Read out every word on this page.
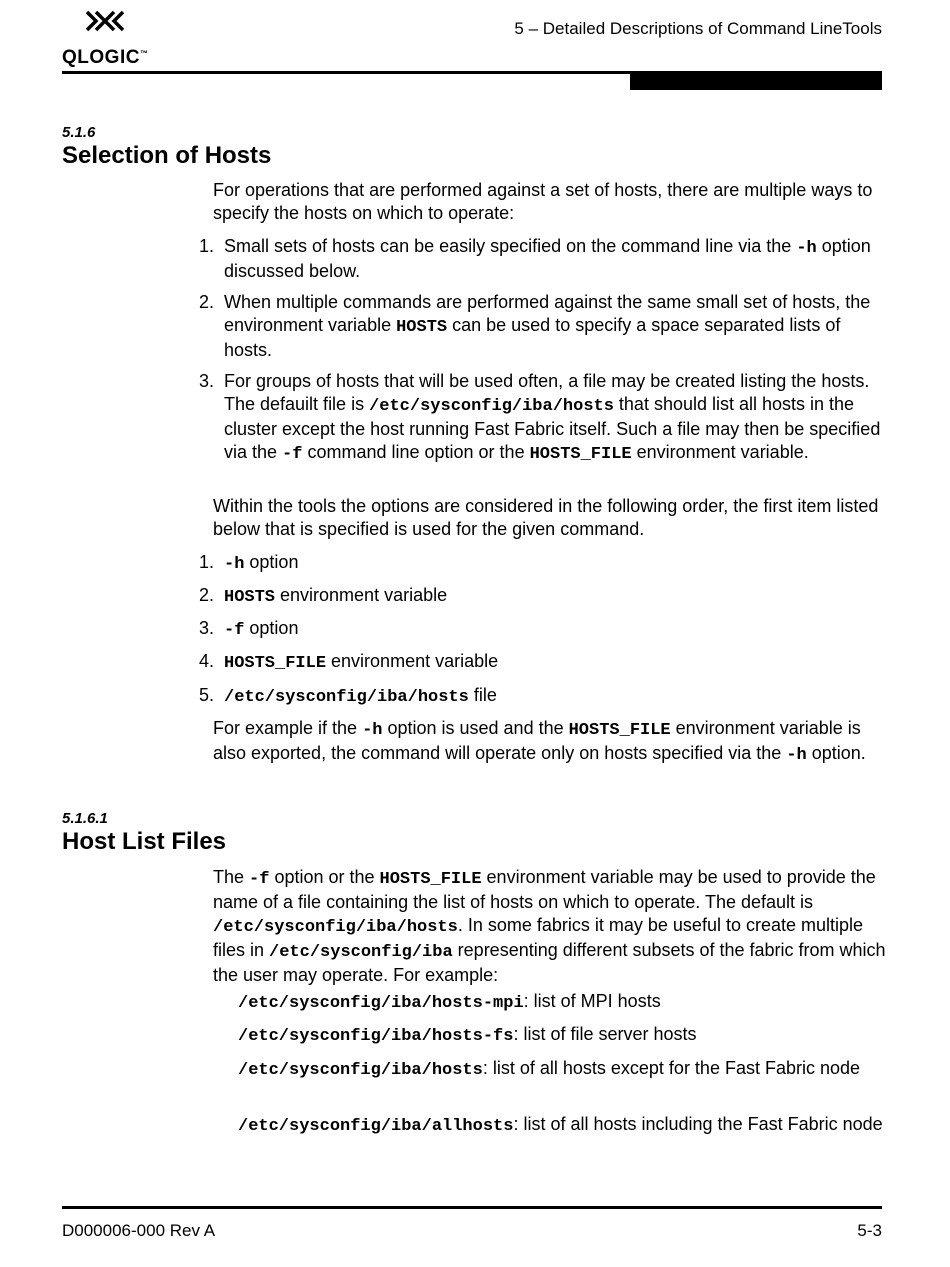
QLOGIC™
5 – Detailed Descriptions of Command LineTools
5.1.6
Selection of Hosts
For operations that are performed against a set of hosts, there are multiple ways to specify the hosts on which to operate:
1. Small sets of hosts can be easily specified on the command line via the -h option discussed below.
2. When multiple commands are performed against the same small set of hosts, the environment variable HOSTS can be used to specify a space separated lists of hosts.
3. For groups of hosts that will be used often, a file may be created listing the hosts. The defauilt file is /etc/sysconfig/iba/hosts that should list all hosts in the cluster except the host running Fast Fabric itself. Such a file may then be specified via the -f command line option or the HOSTS_FILE environment variable.
Within the tools the options are considered in the following order, the first item listed below that is specified is used for the given command.
1. -h option
2. HOSTS environment variable
3. -f option
4. HOSTS_FILE environment variable
5. /etc/sysconfig/iba/hosts file
For example if the -h option is used and the HOSTS_FILE environment variable is also exported, the command will operate only on hosts specified via the -h option.
5.1.6.1
Host List Files
The -f option or the HOSTS_FILE environment variable may be used to provide the name of a file containing the list of hosts on which to operate. The default is /etc/sysconfig/iba/hosts. In some fabrics it may be useful to create multiple files in /etc/sysconfig/iba representing different subsets of the fabric from which the user may operate. For example:
/etc/sysconfig/iba/hosts-mpi: list of MPI hosts
/etc/sysconfig/iba/hosts-fs: list of file server hosts
/etc/sysconfig/iba/hosts: list of all hosts except for the Fast Fabric node
/etc/sysconfig/iba/allhosts: list of all hosts including the Fast Fabric node
D000006-000 Rev A	5-3
